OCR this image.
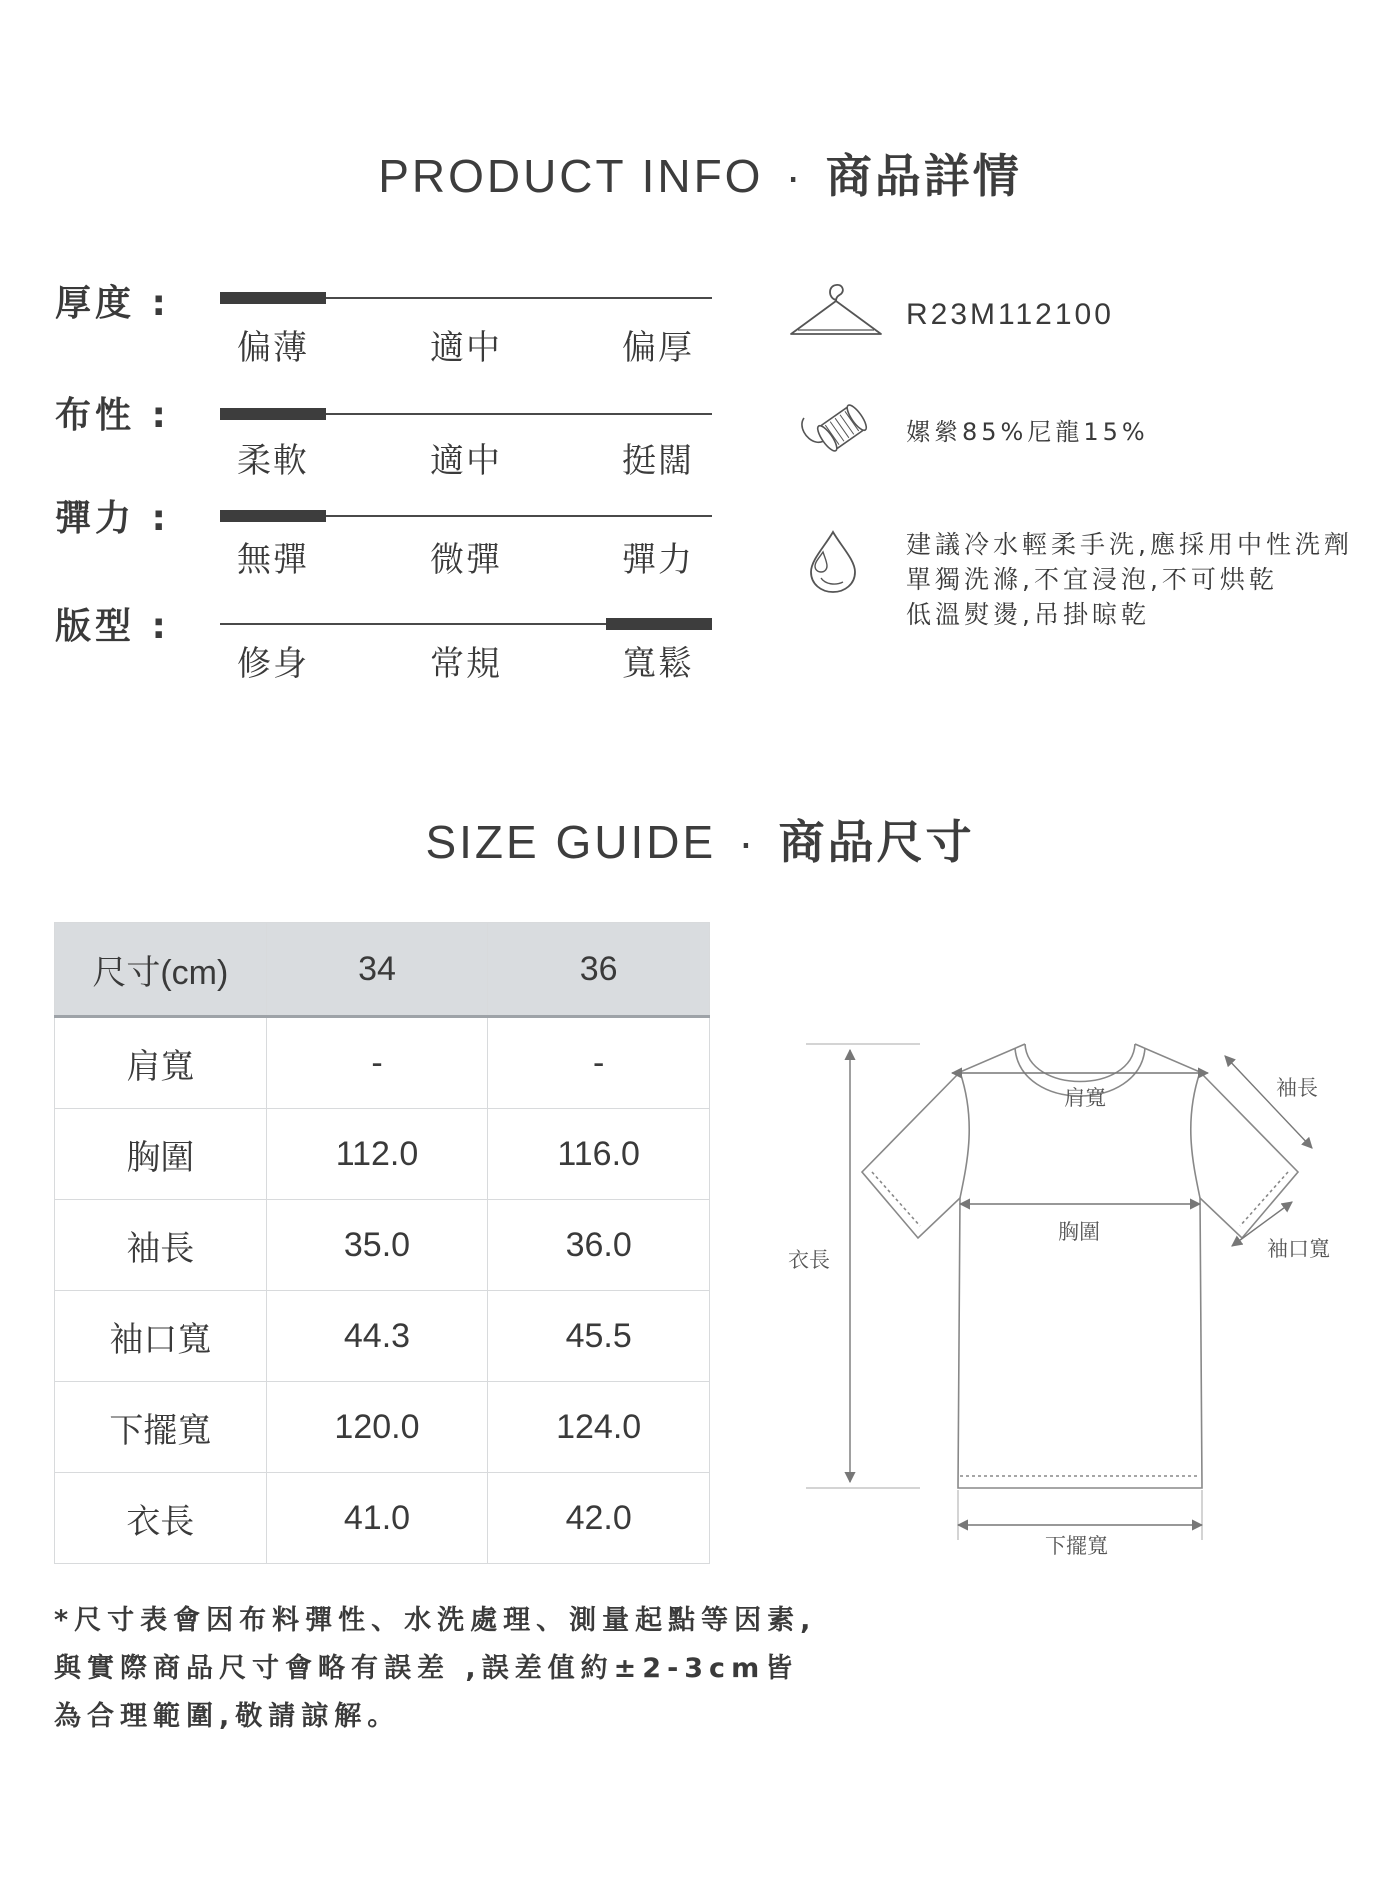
PRODUCT INFO · 商品詳情
厚度 :
偏薄	適中	偏厚
布性 :
柔軟	適中	挺闊
彈力 :
無彈	微彈	彈力
版型 :
修身	常規	寬鬆
R23M112100
嫘縈85%尼龍15%
建議冷水輕柔手洗,應採用中性洗劑
單獨洗滌,不宜浸泡,不可烘乾
低溫熨燙,吊掛晾乾
SIZE GUIDE · 商品尺寸
尺寸(cm)	34	36
肩寬	-	-
胸圍	112.0	116.0
袖長	35.0	36.0
袖口寬	44.3	45.5
下擺寬	120.0	124.0
衣長	41.0	42.0
肩寬
胸圍
袖長
袖口寬
衣長
下擺寬
*尺寸表會因布料彈性、水洗處理、測量起點等因素,
與實際商品尺寸會略有誤差 ,誤差值約±2-3cm皆
為合理範圍,敬請諒解。
